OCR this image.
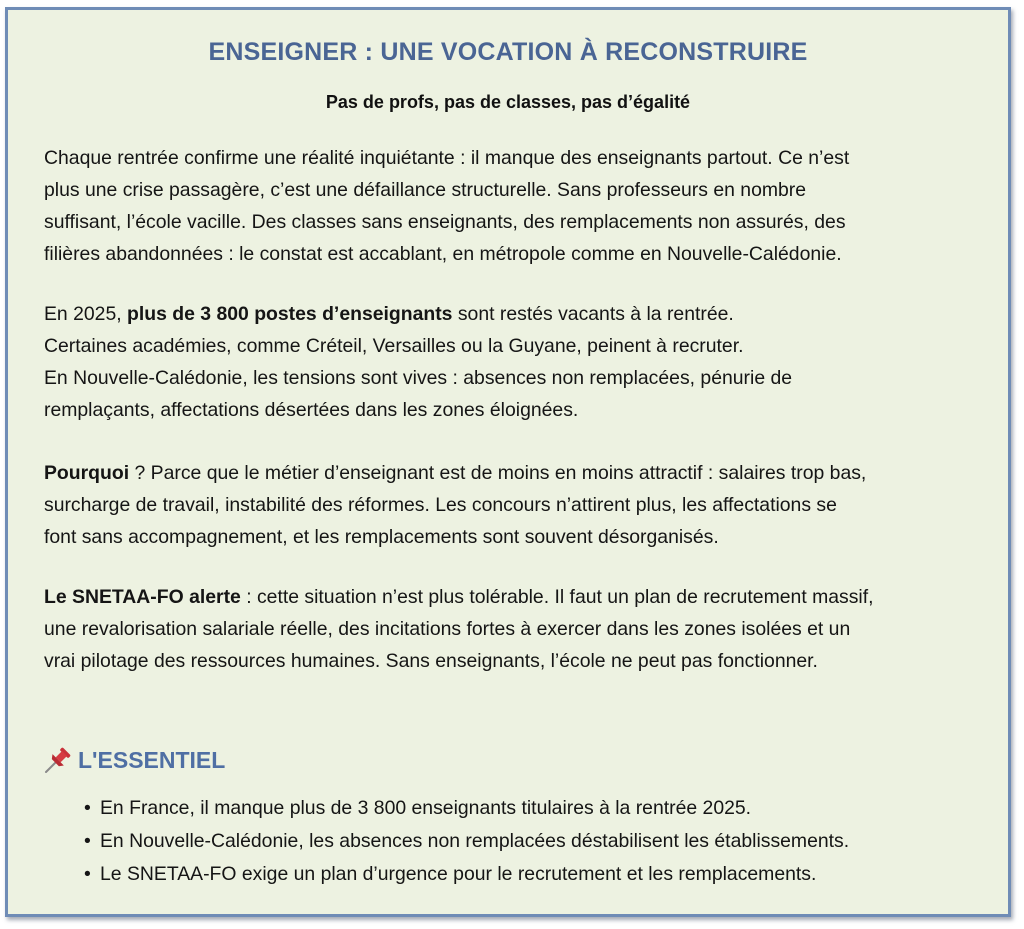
ENSEIGNER : UNE VOCATION À RECONSTRUIRE
Pas de profs, pas de classes, pas d’égalité
Chaque rentrée confirme une réalité inquiétante : il manque des enseignants partout. Ce n’est
plus une crise passagère, c’est une défaillance structurelle. Sans professeurs en nombre
suffisant, l’école vacille. Des classes sans enseignants, des remplacements non assurés, des
filières abandonnées : le constat est accablant, en métropole comme en Nouvelle-Calédonie.
En 2025, plus de 3 800 postes d’enseignants sont restés vacants à la rentrée.
Certaines académies, comme Créteil, Versailles ou la Guyane, peinent à recruter.
En Nouvelle-Calédonie, les tensions sont vives : absences non remplacées, pénurie de
remplaçants, affectations désertées dans les zones éloignées.
Pourquoi ? Parce que le métier d’enseignant est de moins en moins attractif : salaires trop bas,
surcharge de travail, instabilité des réformes. Les concours n’attirent plus, les affectations se
font sans accompagnement, et les remplacements sont souvent désorganisés.
Le SNETAA-FO alerte : cette situation n’est plus tolérable. Il faut un plan de recrutement massif,
une revalorisation salariale réelle, des incitations fortes à exercer dans les zones isolées et un
vrai pilotage des ressources humaines. Sans enseignants, l’école ne peut pas fonctionner.
L'ESSENTIEL
• En France, il manque plus de 3 800 enseignants titulaires à la rentrée 2025.
• En Nouvelle-Calédonie, les absences non remplacées déstabilisent les établissements.
• Le SNETAA-FO exige un plan d’urgence pour le recrutement et les remplacements.
